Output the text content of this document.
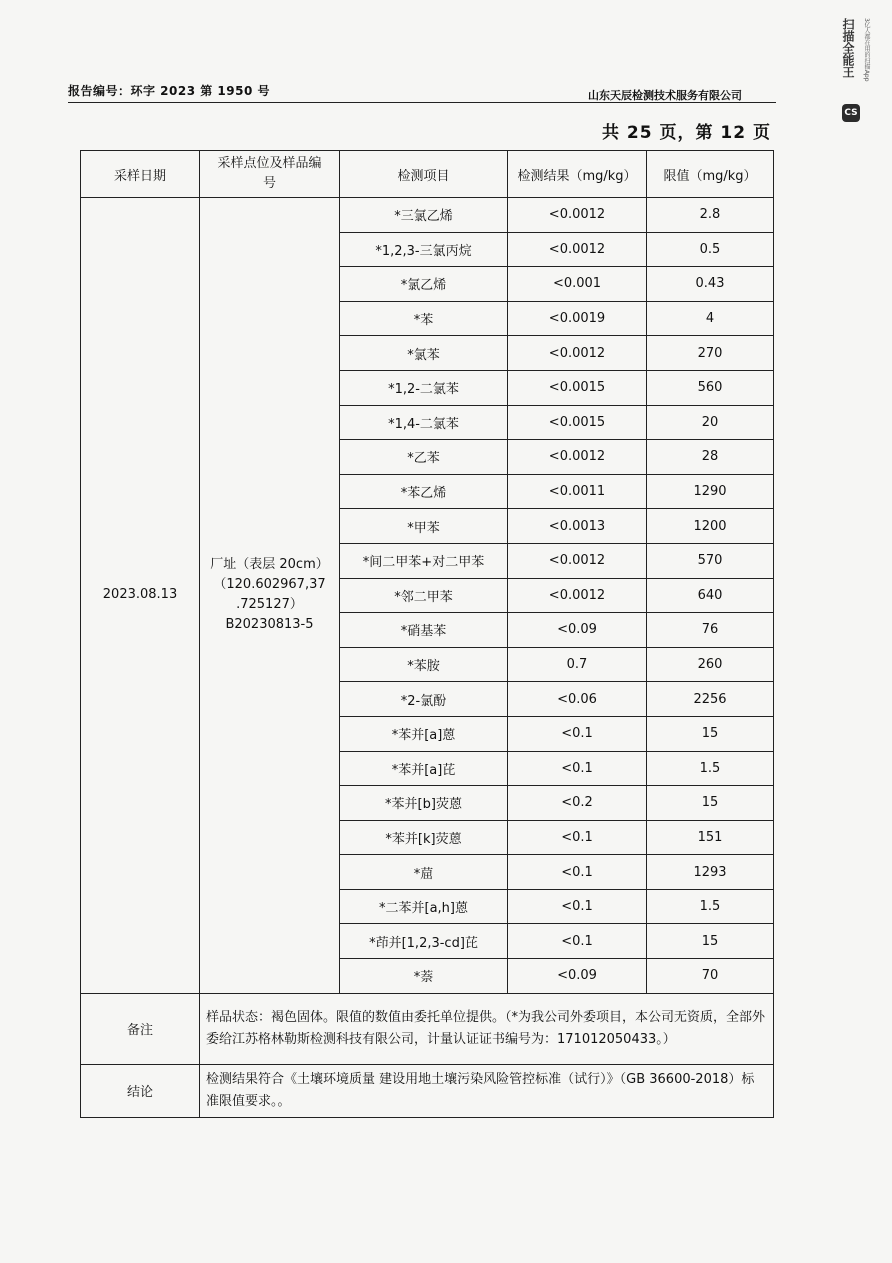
报告编号：环字 2023 第 1950 号	山东天辰检测技术服务有限公司
共 25 页，第 12 页
扫描全能王	3亿人都在用的扫描App
CS
采样日期	采样点位及样品编号	检测项目	检测结果（mg/kg）	限值（mg/kg）
2023.08.13	厂址（表层 20cm）
（120.602967,37
.725127）
B20230813-5	*三氯乙烯	<0.0012	2.8
		*1,2,3-三氯丙烷	<0.0012	0.5
		*氯乙烯	<0.001	0.43
		*苯	<0.0019	4
		*氯苯	<0.0012	270
		*1,2-二氯苯	<0.0015	560
		*1,4-二氯苯	<0.0015	20
		*乙苯	<0.0012	28
		*苯乙烯	<0.0011	1290
		*甲苯	<0.0013	1200
		*间二甲苯+对二甲苯	<0.0012	570
		*邻二甲苯	<0.0012	640
		*硝基苯	<0.09	76
		*苯胺	0.7	260
		*2-氯酚	<0.06	2256
		*苯并[a]蒽	<0.1	15
		*苯并[a]芘	<0.1	1.5
		*苯并[b]荧蒽	<0.2	15
		*苯并[k]荧蒽	<0.1	151
		*䓛	<0.1	1293
		*二苯并[a,h]蒽	<0.1	1.5
		*茚并[1,2,3-cd]芘	<0.1	15
		*萘	<0.09	70
备注	样品状态：褐色固体。限值的数值由委托单位提供。（*为我公司外委项目，本公司无资质，全部外委给江苏格林勒斯检测科技有限公司，计量认证证书编号为：171012050433。）			
结论	检测结果符合《土壤环境质量 建设用地土壤污染风险管控标准（试行）》（GB 36600-2018）标准限值要求。。			
